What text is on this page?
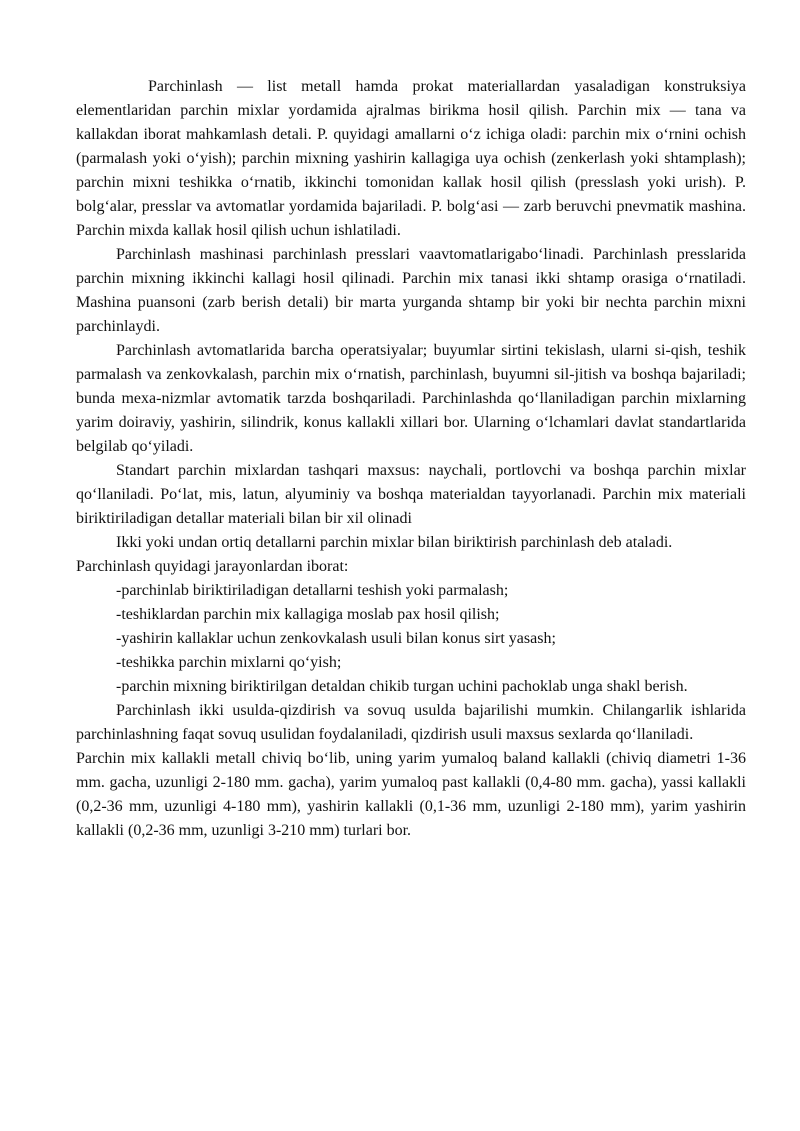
Parchinlash — list metall hamda prokat materiallardan yasaladigan konstruksiya elementlaridan parchin mixlar yordamida ajralmas birikma hosil qilish. Parchin mix — tana va kallakdan iborat mahkamlash detali. P. quyidagi amallarni o‘z ichiga oladi: parchin mix o‘rnini ochish (parmalash yoki o‘yish); parchin mixning yashirin kallagiga uya ochish (zenkerlash yoki shtamplash); parchin mixni teshikka o‘rnatib, ikkinchi tomonidan kallak hosil qilish (presslash yoki urish). P. bolg‘alar, presslar va avtomatlar yordamida bajariladi. P. bolg‘asi — zarb beruvchi pnevmatik mashina. Parchin mixda kallak hosil qilish uchun ishlatiladi.

Parchinlash mashinasi parchinlash presslari vaavtomatlarigabo‘linadi. Parchinlash presslarida parchin mixning ikkinchi kallagi hosil qilinadi. Parchin mix tanasi ikki shtamp orasiga o‘rnatiladi. Mashina puansoni (zarb berish detali) bir marta yurganda shtamp bir yoki bir nechta parchin mixni parchinlaydi.

Parchinlash avtomatlarida barcha operatsiyalar; buyumlar sirtini tekislash, ularni si-qish, teshik parmalash va zenkovkalash, parchin mix o‘rnatish, parchinlash, buyumni sil-jitish va boshqa bajariladi; bunda mexa-nizmlar avtomatik tarzda boshqariladi. Parchinlashda qo‘llaniladigan parchin mixlarning yarim doiraviy, yashirin, silindrik, konus kallakli xillari bor. Ularning o‘lchamlari davlat standartlarida belgilab qo‘yiladi.

Standart parchin mixlardan tashqari maxsus: naychali, portlovchi va boshqa parchin mixlar qo‘llaniladi. Po‘lat, mis, latun, alyuminiy va boshqa materialdan tayyorlanadi. Parchin mix materiali biriktiriladigan detallar materiali bilan bir xil olinadi

Ikki yoki undan ortiq detallarni parchin mixlar bilan biriktirish parchinlash deb ataladi.

Parchinlash quyidagi jarayonlardan iborat:

-parchinlab biriktiriladigan detallarni teshish yoki parmalash;

-teshiklardan parchin mix kallagiga moslab pax hosil qilish;

-yashirin kallaklar uchun zenkovkalash usuli bilan konus sirt yasash;

-teshikka parchin mixlarni qo‘yish;

-parchin mixning biriktirilgan detaldan chikib turgan uchini pachoklab unga shakl berish.

Parchinlash ikki usulda-qizdirish va sovuq usulda bajarilishi mumkin. Chilangarlik ishlarida parchinlashning faqat sovuq usulidan foydalaniladi, qizdirish usuli maxsus sexlarda qo‘llaniladi.

Parchin mix kallakli metall chiviq bo‘lib, uning yarim yumaloq baland kallakli (chiviq diametri 1-36 mm. gacha, uzunligi 2-180 mm. gacha), yarim yumaloq past kallakli (0,4-80 mm. gacha), yassi kallakli (0,2-36 mm, uzunligi 4-180 mm), yashirin kallakli (0,1-36 mm, uzunligi 2-180 mm), yarim yashirin kallakli (0,2-36 mm, uzunligi 3-210 mm) turlari bor.
